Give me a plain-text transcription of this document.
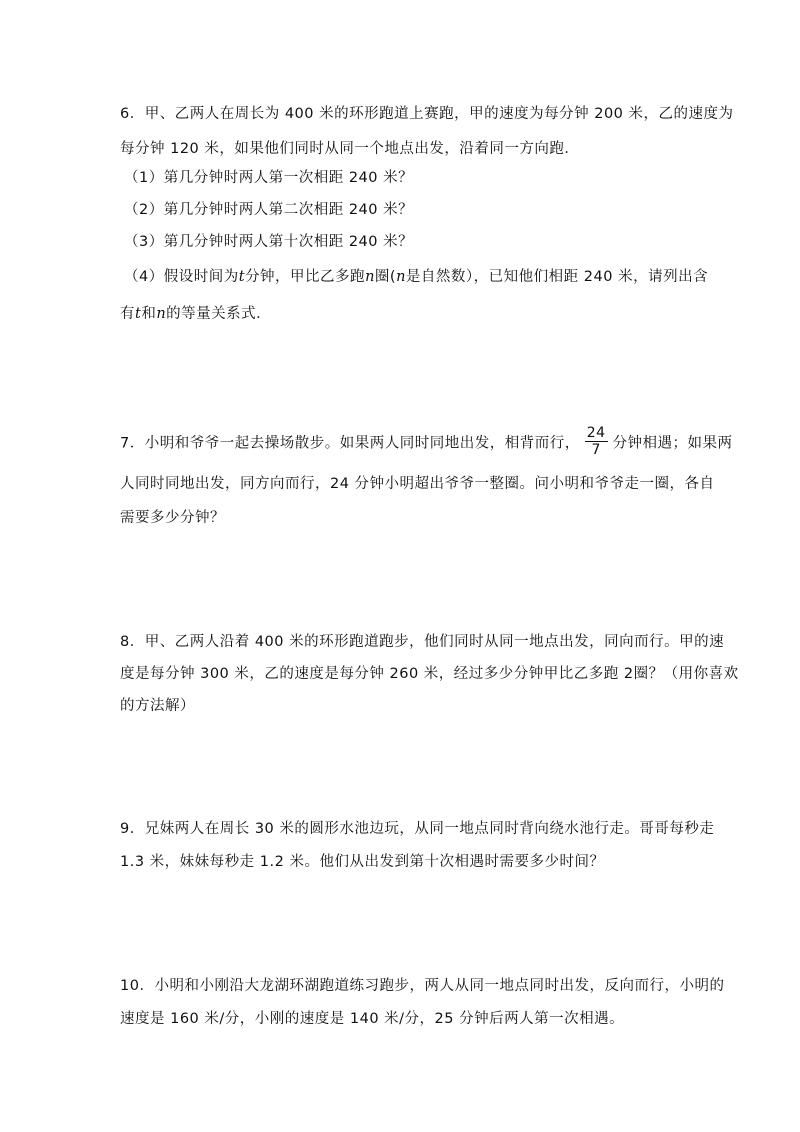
6．甲、乙两人在周长为 400 米的环形跑道上赛跑，甲的速度为每分钟 200 米，乙的速度为
每分钟 120 米，如果他们同时从同一个地点出发，沿着同一方向跑．
（1）第几分钟时两人第一次相距 240 米？
（2）第几分钟时两人第二次相距 240 米？
（3）第几分钟时两人第十次相距 240 米？
（4）假设时间为t分钟，甲比乙多跑n圈(n是自然数），已知他们相距 240 米，请列出含
有t和n的等量关系式．
7．小明和爷爷一起去操场散步。如果两人同时同地出发，相背而行， $\frac{24}{7}$ 分钟相遇；如果两
人同时同地出发，同方向而行，24 分钟小明超出爷爷一整圈。问小明和爷爷走一圈，各自
需要多少分钟？
8．甲、乙两人沿着 400 米的环形跑道跑步，他们同时从同一地点出发，同向而行。甲的速
度是每分钟 300 米，乙的速度是每分钟 260 米，经过多少分钟甲比乙多跑 2圈？（用你喜欢
的方法解）
9．兄妹两人在周长 30 米的圆形水池边玩，从同一地点同时背向绕水池行走。哥哥每秒走
1.3 米，妹妹每秒走 1.2 米。他们从出发到第十次相遇时需要多少时间？
10．小明和小刚沿大龙湖环湖跑道练习跑步，两人从同一地点同时出发，反向而行，小明的
速度是 160 米/分，小刚的速度是 140 米/分，25 分钟后两人第一次相遇。
